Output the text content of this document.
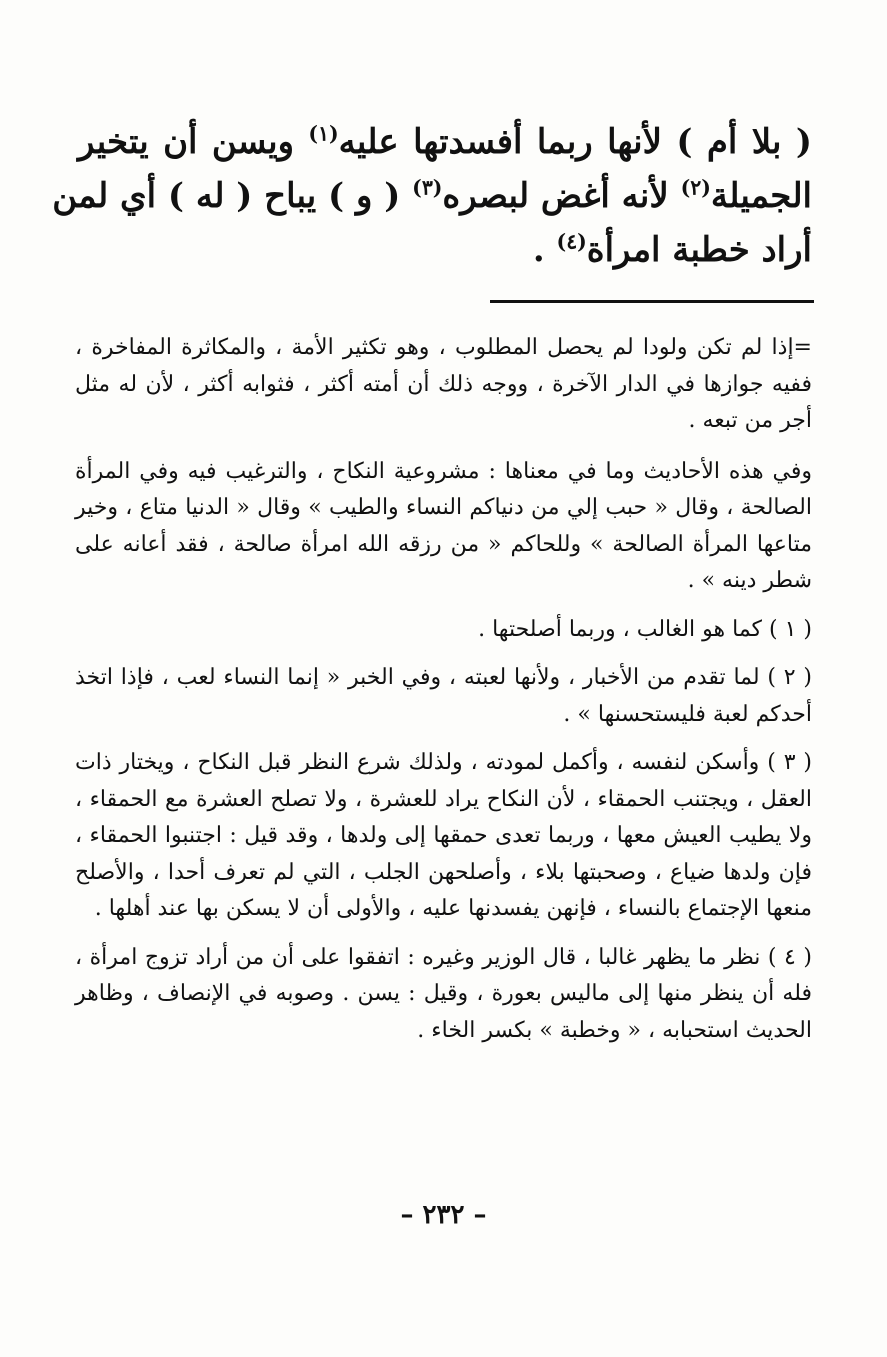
( بلا أم ) لأنها ربما أفسدتها عليه$^{(١)}$ ويسن أن يتخير
الجميلة$^{(٢)}$ لأنه أغض لبصره$^{(٣)}$ ( و ) يباح ( له ) أي لمن
أراد خطبة امرأة$^{(٤)}$ .

=إذا لم تكن ولودا لم يحصل المطلوب ، وهو تكثير الأمة ، والمكاثرة المفاخرة ، ففيه جوازها في الدار الآخرة ، ووجه ذلك أن أمته أكثر ، فثوابه أكثر ، لأن له مثل أجر من تبعه .

وفي هذه الأحاديث وما في معناها : مشروعية النكاح ، والترغيب فيه وفي المرأة الصالحة ، وقال « حبب إلي من دنياكم النساء والطيب » وقال « الدنيا متاع ، وخير متاعها المرأة الصالحة » وللحاكم « من رزقه الله امرأة صالحة ، فقد أعانه على شطر دينه » .

( ١ ) كما هو الغالب ، وربما أصلحتها .

( ٢ ) لما تقدم من الأخبار ، ولأنها لعبته ، وفي الخبر « إنما النساء لعب ، فإذا اتخذ أحدكم لعبة فليستحسنها » .

( ٣ ) وأسكن لنفسه ، وأكمل لمودته ، ولذلك شرع النظر قبل النكاح ، ويختار ذات العقل ، ويجتنب الحمقاء ، لأن النكاح يراد للعشرة ، ولا تصلح العشرة مع الحمقاء ، ولا يطيب العيش معها ، وربما تعدى حمقها إلى ولدها ، وقد قيل : اجتنبوا الحمقاء ، فإن ولدها ضياع ، وصحبتها بلاء ، وأصلحهن الجلب ، التي لم تعرف أحدا ، والأصلح منعها الإجتماع بالنساء ، فإنهن يفسدنها عليه ، والأولى أن لا يسكن بها عند أهلها .

( ٤ ) نظر ما يظهر غالبا ، قال الوزير وغيره : اتفقوا على أن من أراد تزوج امرأة ، فله أن ينظر منها إلى ماليس بعورة ، وقيل : يسن . وصوبه في الإنصاف ، وظاهر الحديث استحبابه ، « وخطبة » بكسر الخاء .

– ٢٣٢ –
